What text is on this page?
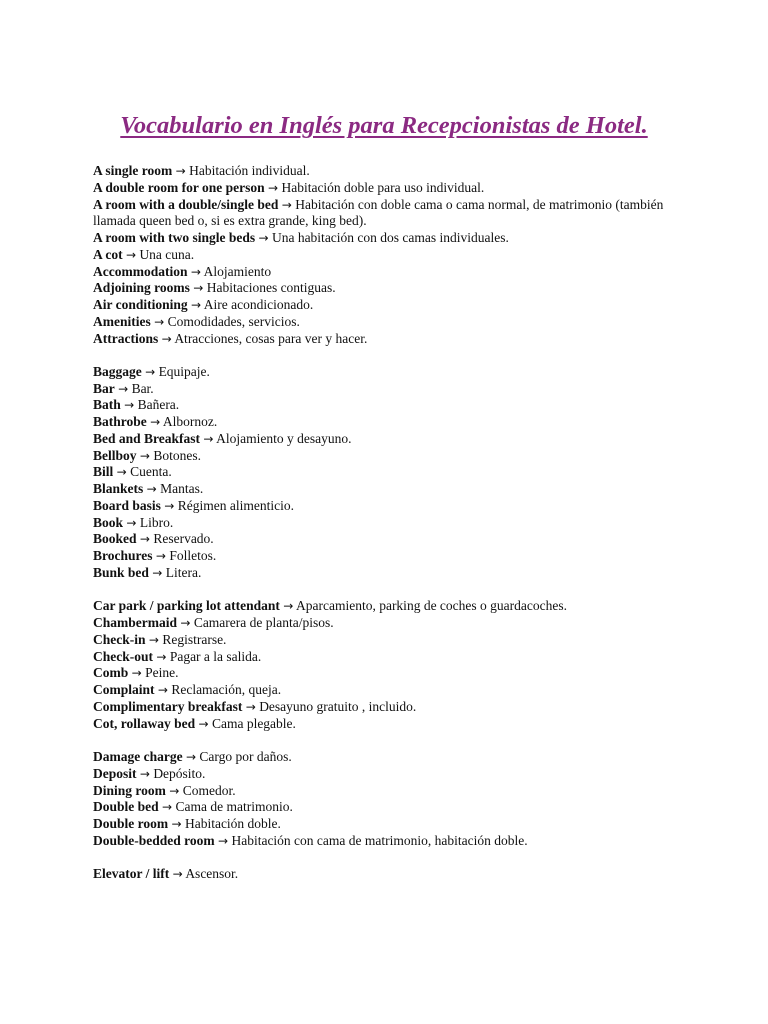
Vocabulario en Inglés para Recepcionistas de Hotel.

A single room → Habitación individual.

A double room for one person → Habitación doble para uso individual.

A room with a double/single bed → Habitación con doble cama o cama normal, de matrimonio (también llamada queen bed o, si es extra grande, king bed).

A room with two single beds → Una habitación con dos camas individuales.

A cot → Una cuna.

Accommodation → Alojamiento

Adjoining rooms → Habitaciones contiguas.

Air conditioning → Aire acondicionado.

Amenities → Comodidades, servicios.

Attractions → Atracciones, cosas para ver y hacer.

Baggage → Equipaje.

Bar → Bar.

Bath → Bañera.

Bathrobe → Albornoz.

Bed and Breakfast → Alojamiento y desayuno.

Bellboy → Botones.

Bill → Cuenta.

Blankets → Mantas.

Board basis → Régimen alimenticio.

Book → Libro.

Booked → Reservado.

Brochures → Folletos.

Bunk bed → Litera.

Car park / parking lot attendant → Aparcamiento, parking de coches o guardacoches.

Chambermaid → Camarera de planta/pisos.

Check-in → Registrarse.

Check-out → Pagar a la salida.

Comb → Peine.

Complaint → Reclamación, queja.

Complimentary breakfast → Desayuno gratuito , incluido.

Cot, rollaway bed → Cama plegable.

Damage charge → Cargo por daños.

Deposit → Depósito.

Dining room → Comedor.

Double bed → Cama de matrimonio.

Double room → Habitación doble.

Double-bedded room → Habitación con cama de matrimonio, habitación doble.

Elevator / lift → Ascensor.
